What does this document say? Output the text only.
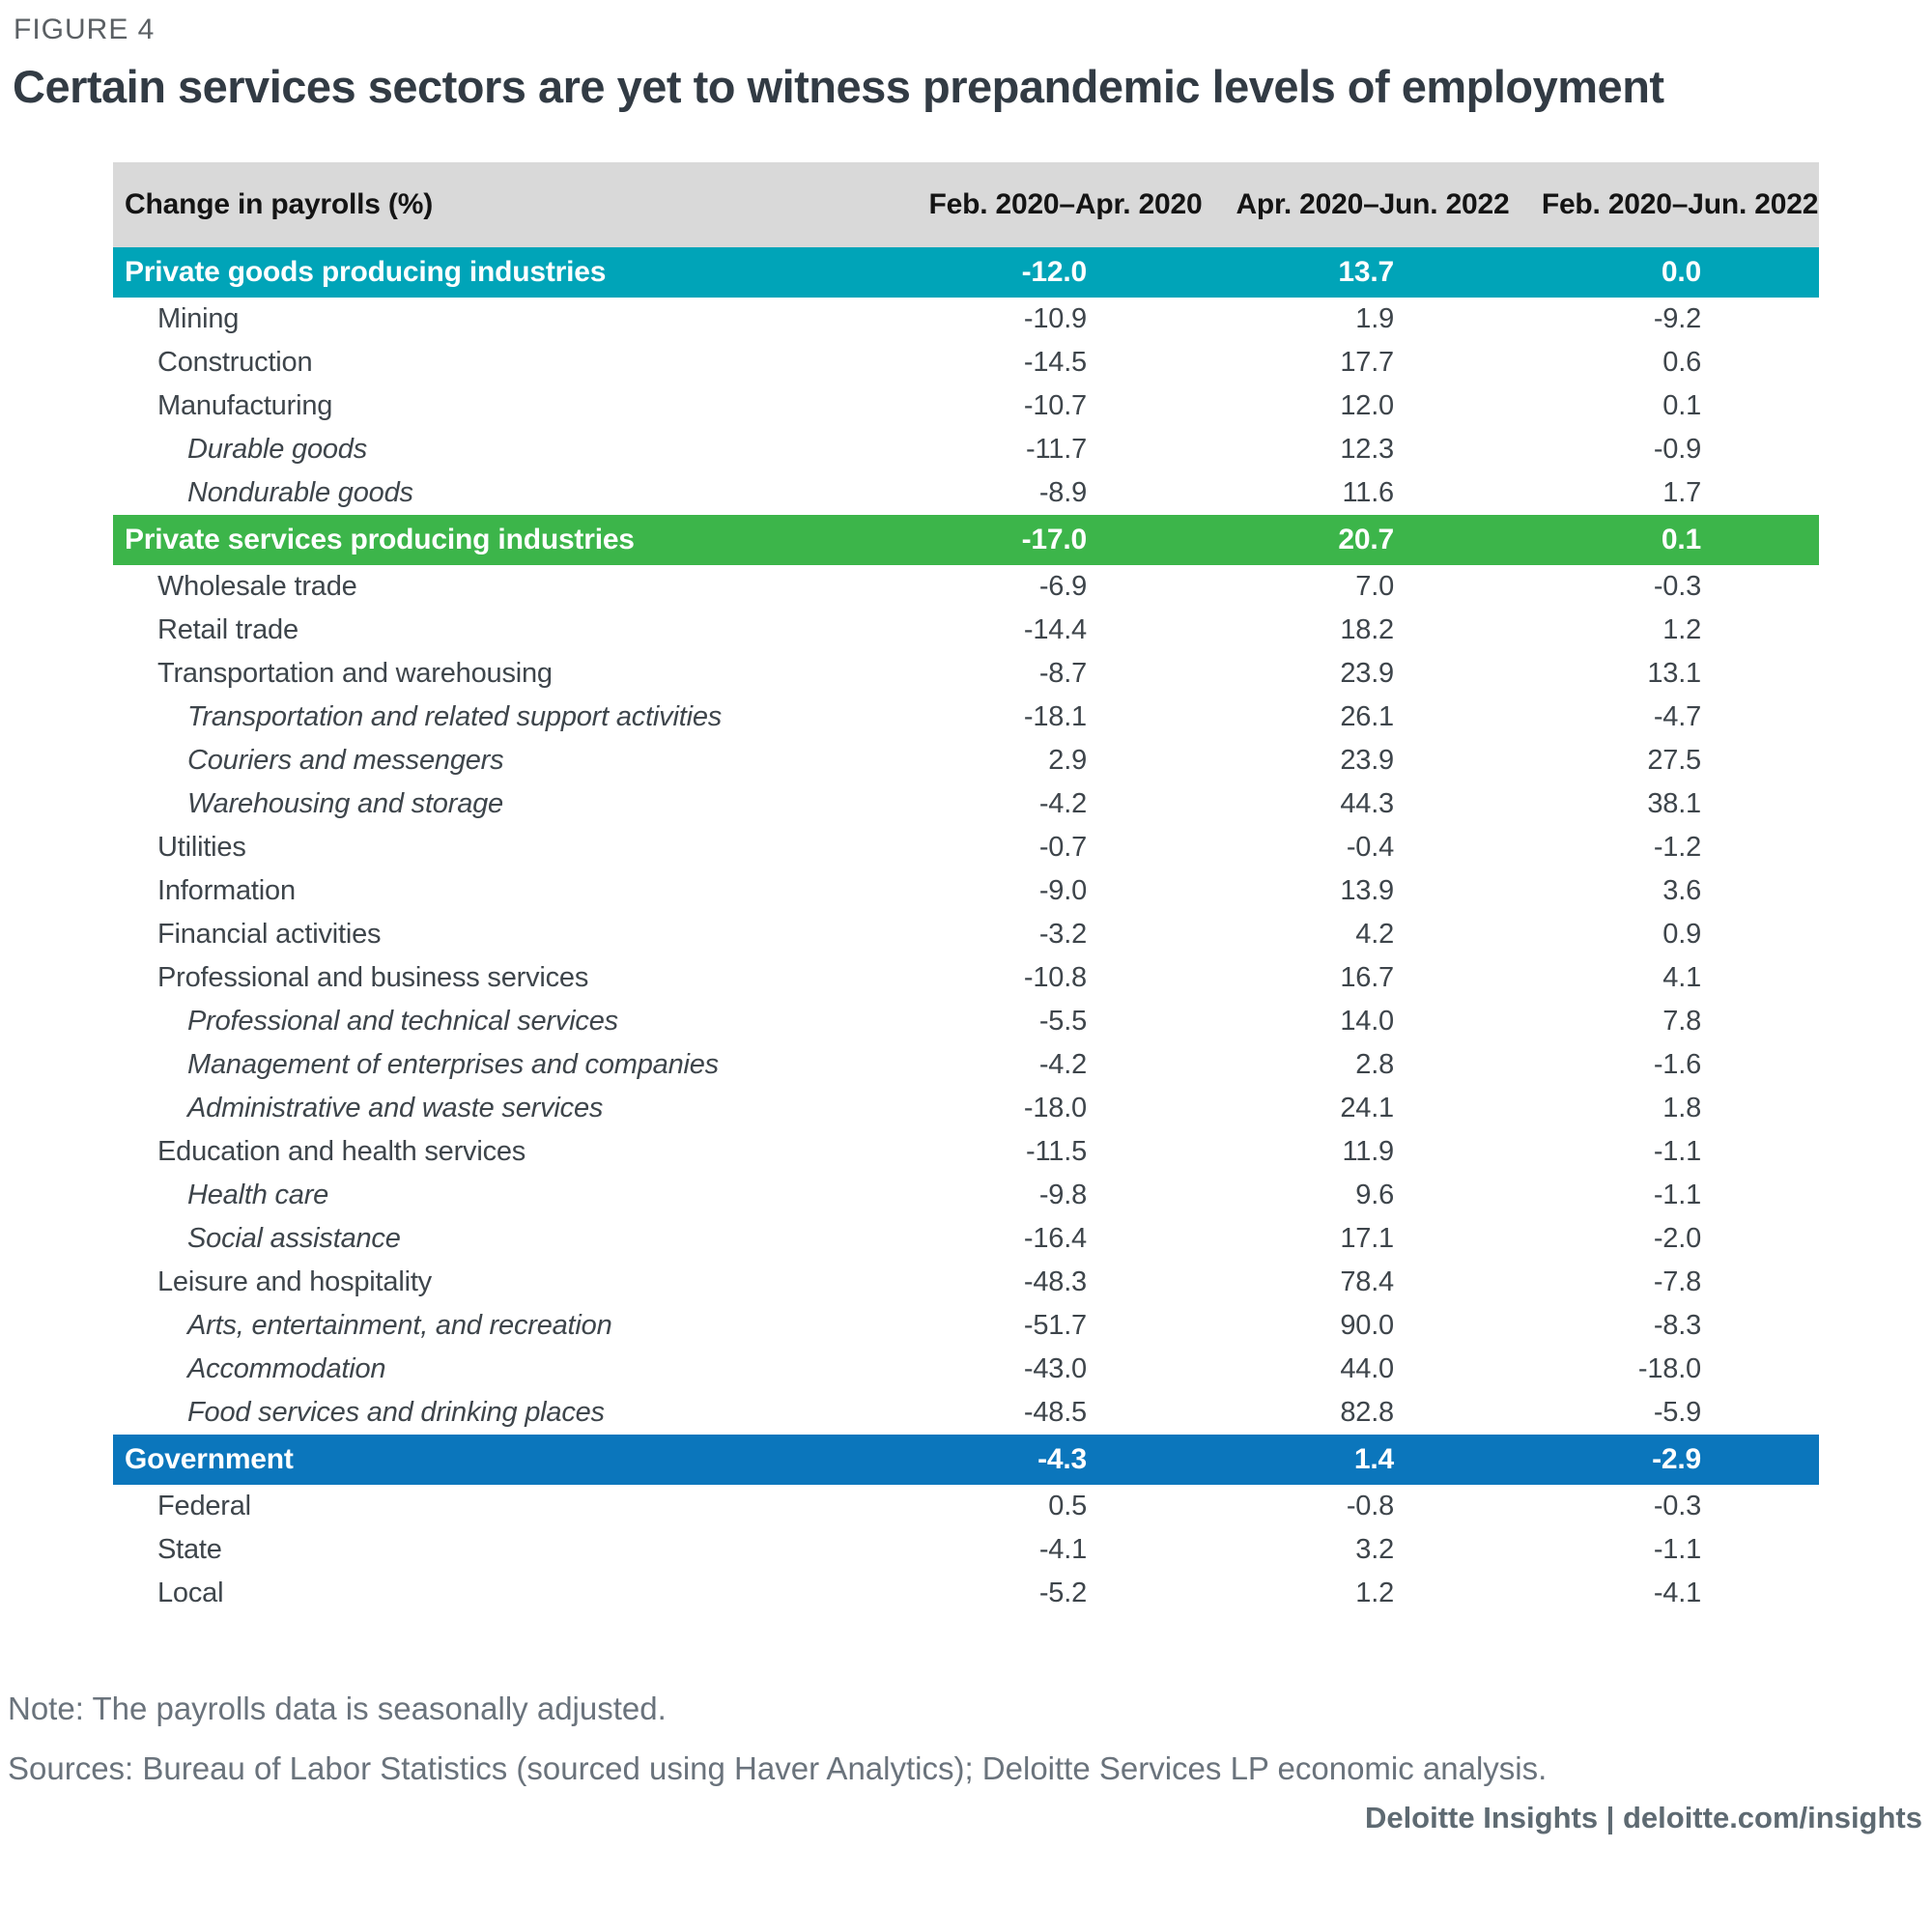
FIGURE 4
Certain services sectors are yet to witness prepandemic levels of employment
Change in payrolls (%)	Feb. 2020–Apr. 2020	Apr. 2020–Jun. 2022	Feb. 2020–Jun. 2022
Private goods producing industries	-12.0	13.7	0.0
Mining	-10.9	1.9	-9.2
Construction	-14.5	17.7	0.6
Manufacturing	-10.7	12.0	0.1
Durable goods	-11.7	12.3	-0.9
Nondurable goods	-8.9	11.6	1.7
Private services producing industries	-17.0	20.7	0.1
Wholesale trade	-6.9	7.0	-0.3
Retail trade	-14.4	18.2	1.2
Transportation and warehousing	-8.7	23.9	13.1
Transportation and related support activities	-18.1	26.1	-4.7
Couriers and messengers	2.9	23.9	27.5
Warehousing and storage	-4.2	44.3	38.1
Utilities	-0.7	-0.4	-1.2
Information	-9.0	13.9	3.6
Financial activities	-3.2	4.2	0.9
Professional and business services	-10.8	16.7	4.1
Professional and technical services	-5.5	14.0	7.8
Management of enterprises and companies	-4.2	2.8	-1.6
Administrative and waste services	-18.0	24.1	1.8
Education and health services	-11.5	11.9	-1.1
Health care	-9.8	9.6	-1.1
Social assistance	-16.4	17.1	-2.0
Leisure and hospitality	-48.3	78.4	-7.8
Arts, entertainment, and recreation	-51.7	90.0	-8.3
Accommodation	-43.0	44.0	-18.0
Food services and drinking places	-48.5	82.8	-5.9
Government	-4.3	1.4	-2.9
Federal	0.5	-0.8	-0.3
State	-4.1	3.2	-1.1
Local	-5.2	1.2	-4.1
Note: The payrolls data is seasonally adjusted.
Sources: Bureau of Labor Statistics (sourced using Haver Analytics); Deloitte Services LP economic analysis.
Deloitte Insights | deloitte.com/insights
